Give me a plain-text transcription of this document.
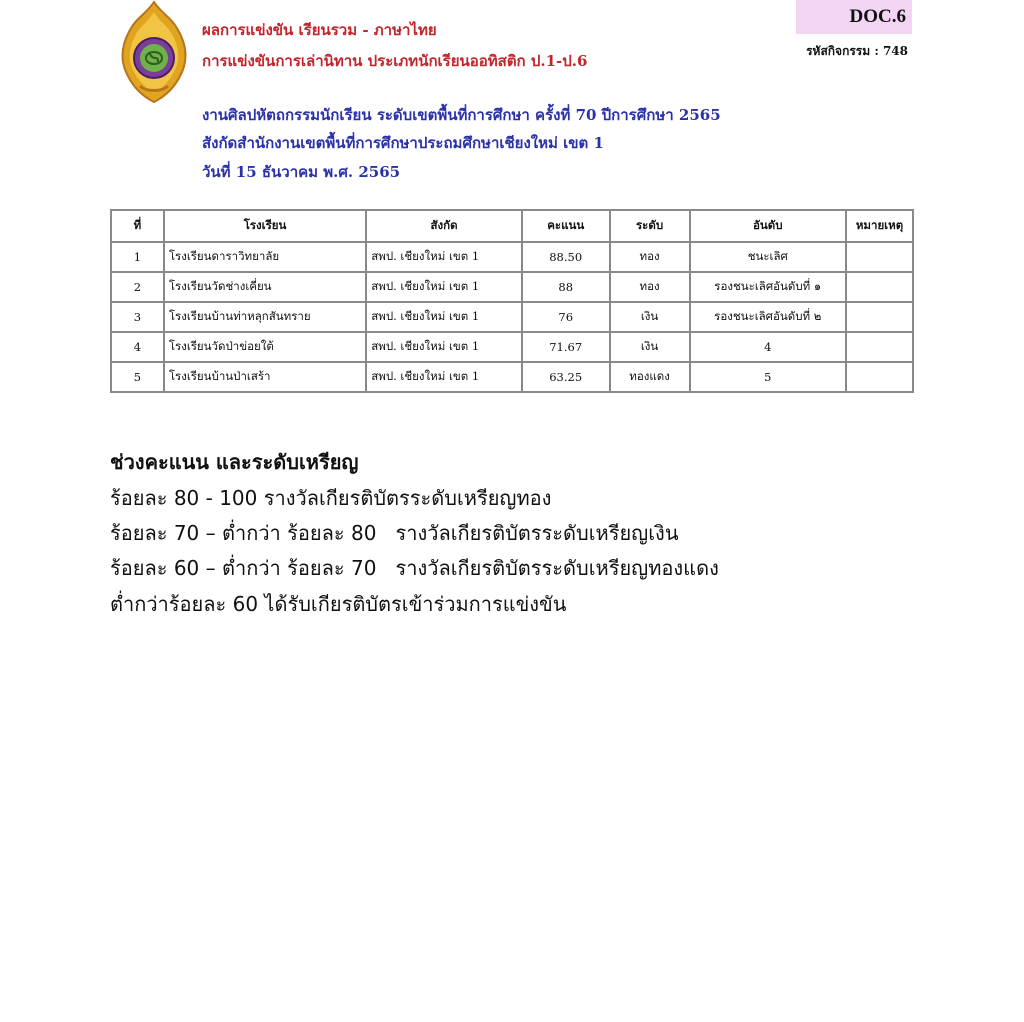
ผลการแข่งขัน เรียนรวม - ภาษาไทย
การแข่งขันการเล่านิทาน ประเภทนักเรียนออทิสติก ป.1-ป.6
งานศิลปหัตถกรรมนักเรียน ระดับเขตพื้นที่การศึกษา ครั้งที่ 70 ปีการศึกษา 2565
สังกัดสำนักงานเขตพื้นที่การศึกษาประถมศึกษาเชียงใหม่ เขต 1
วันที่ 15 ธันวาคม พ.ศ. 2565
DOC.6
รหัสกิจกรรม : 748
ที่	โรงเรียน	สังกัด	คะแนน	ระดับ	อันดับ	หมายเหตุ
1	โรงเรียนดาราวิทยาลัย	สพป. เชียงใหม่ เขต 1	88.50	ทอง	ชนะเลิศ	
2	โรงเรียนวัดช่างเคี่ยน	สพป. เชียงใหม่ เขต 1	88	ทอง	รองชนะเลิศอันดับที่ ๑	
3	โรงเรียนบ้านท่าหลุกสันทราย	สพป. เชียงใหม่ เขต 1	76	เงิน	รองชนะเลิศอันดับที่ ๒	
4	โรงเรียนวัดป่าข่อยใต้	สพป. เชียงใหม่ เขต 1	71.67	เงิน	4	
5	โรงเรียนบ้านป่าเสร้า	สพป. เชียงใหม่ เขต 1	63.25	ทองแดง	5	
ช่วงคะแนน และระดับเหรียญ
ร้อยละ 80 - 100 รางวัลเกียรติบัตรระดับเหรียญทอง
ร้อยละ 70 – ต่ำกว่า ร้อยละ 80   รางวัลเกียรติบัตรระดับเหรียญเงิน
ร้อยละ 60 – ต่ำกว่า ร้อยละ 70   รางวัลเกียรติบัตรระดับเหรียญทองแดง
ต่ำกว่าร้อยละ 60 ได้รับเกียรติบัตรเข้าร่วมการแข่งขัน
